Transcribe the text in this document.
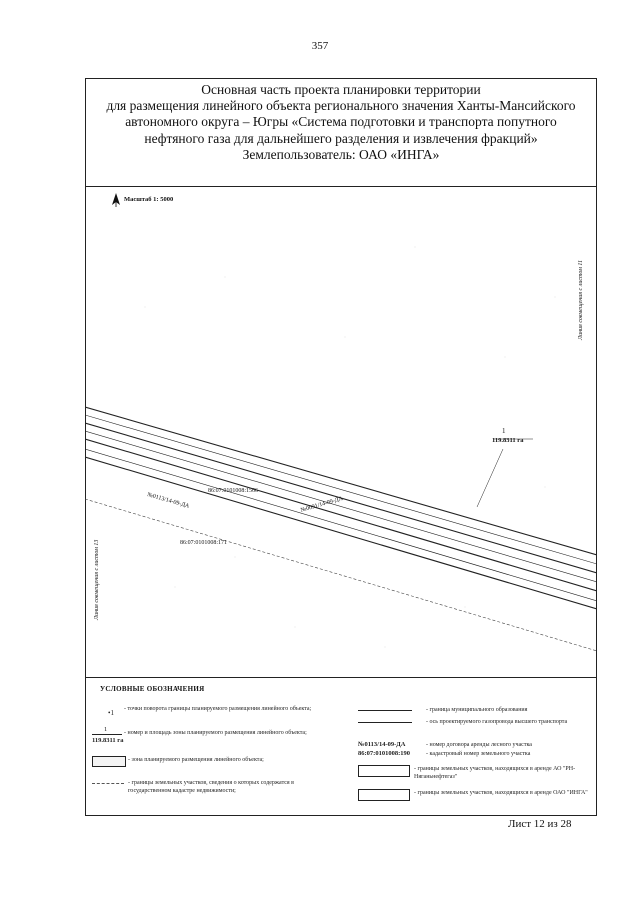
357
Основная часть проекта планировки территории
для размещения линейного объекта регионального значения Ханты-Мансийского
автономного округа – Югры «Система подготовки и транспорта попутного
нефтяного газа для дальнейшего разделения и извлечения фракций»
Землепользователь: ОАО «ИНГА»
Масштаб 1: 5000
Линия совмещения с листом 11
Линия совмещения с листом 13
1
119.8311 га
86:07:0101008:1566
№0113/14-09-ДА	№0091/14-09-ДА
86:07:0101008:171
УСЛОВНЫЕ ОБОЗНАЧЕНИЯ
•1 - точки поворота границы планируемого размещения линейного объекта;
1
119.8311 га
- номер и площадь зоны планируемого размещения линейного объекта;
- зона планируемого размещения линейного объекта;
- границы земельных участков, сведения о которых содержатся в государственном кадастре недвижимости;
- граница муниципального образования
- ось проектируемого газопровода высшего транспорта
№0113/14-09-ДА	- номер договора аренды лесного участка
86:07:0101008:190	- кадастровый номер земельного участка
- границы земельных участков, находящихся в аренде АО "РН-Няганьнефтегаз"
- границы земельных участков, находящихся в аренде ОАО "ИНГА"
Лист 12 из 28
